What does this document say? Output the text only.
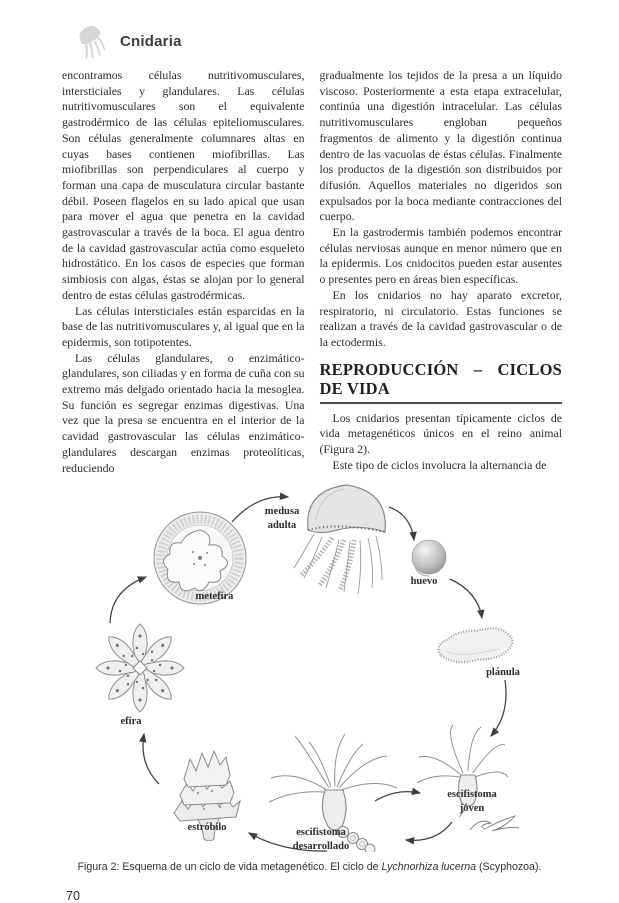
Cnidaria

encontramos células nutritivomusculares, intersticiales y glandulares. Las células nutritivomusculares son el equivalente gastrodérmico de las células epiteliomusculares. Son células generalmente columnares altas en cuyas bases contienen miofibrillas. Las miofibrillas son perpendiculares al cuerpo y forman una capa de musculatura circular bastante débil. Poseen flagelos en su lado apical que usan para mover el agua que penetra en la cavidad gastrovascular a través de la boca. El agua dentro de la cavidad gastrovascular actúa como esqueleto hidrostático. En los casos de especies que forman simbiosis con algas, éstas se alojan por lo general dentro de estas células gastrodérmicas.

Las células intersticiales están esparcidas en la base de las nutritivomusculares y, al igual que en la epidermis, son totipotentes.

Las células glandulares, o enzimático-glandulares, son ciliadas y en forma de cuña con su extremo más delgado orientado hacia la mesoglea. Su función es segregar enzimas digestivas. Una vez que la presa se encuentra en el interior de la cavidad gastrovascular las células enzimático-glandulares descargan enzimas proteolíticas, reduciendo

gradualmente los tejidos de la presa a un líquido viscoso. Posteriormente a esta etapa extracelular, continúa una digestión intracelular. Las células nutritivomusculares engloban pequeños fragmentos de alimento y la digestión continua dentro de las vacuolas de éstas células. Finalmente los productos de la digestión son distribuidos por difusión. Aquellos materiales no digeridos son expulsados por la boca mediante contracciones del cuerpo.

En la gastrodermis también podemos encontrar células nerviosas aunque en menor número que en la epidermis. Los cnidocitos pueden estar ausentes o presentes pero en áreas bien específicas.

En los cnidarios no hay aparato excretor, respiratorio, ni circulatorio. Estas funciones se realizan a través de la cavidad gastrovascular o de la ectodermis.

REPRODUCCIÓN – CICLOS DE VIDA

Los cnidarios presentan típicamente ciclos de vida metagenéticos únicos en el reino animal (Figura 2).

Este tipo de ciclos involucra la alternancia de

medusa adulta
metefira
huevo
plánula
efira
estróbilo	escifistoma desarrollado
escifistoma jóven
Figura 2: Esquema de un ciclo de vida metagenético. El ciclo de Lychnorhiza lucerna (Scyphozoa).
70
